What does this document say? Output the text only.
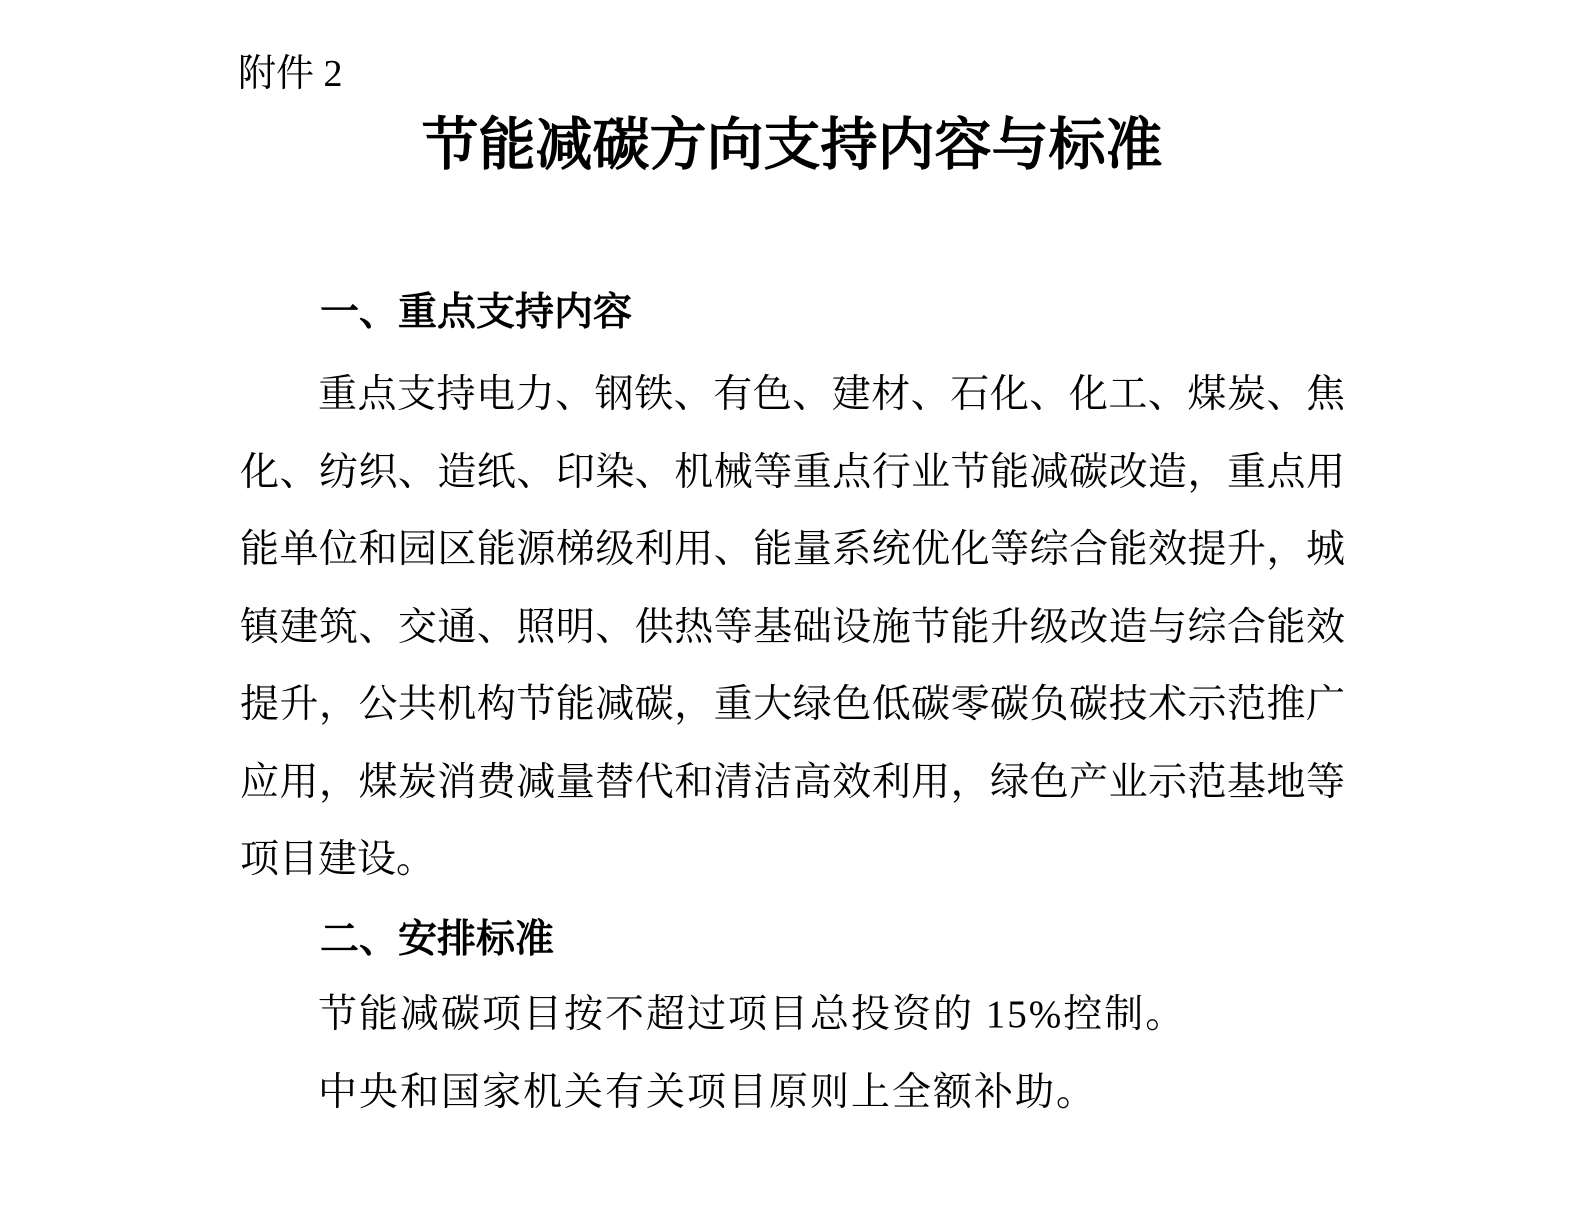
附件 2
节能减碳方向支持内容与标准
一、重点支持内容
重点支持电力、钢铁、有色、建材、石化、化工、煤炭、焦
化、纺织、造纸、印染、机械等重点行业节能减碳改造，重点用
能单位和园区能源梯级利用、能量系统优化等综合能效提升，城
镇建筑、交通、照明、供热等基础设施节能升级改造与综合能效
提升，公共机构节能减碳，重大绿色低碳零碳负碳技术示范推广
应用，煤炭消费减量替代和清洁高效利用，绿色产业示范基地等
项目建设。
二、安排标准
节能减碳项目按不超过项目总投资的 15%控制。
中央和国家机关有关项目原则上全额补助。
